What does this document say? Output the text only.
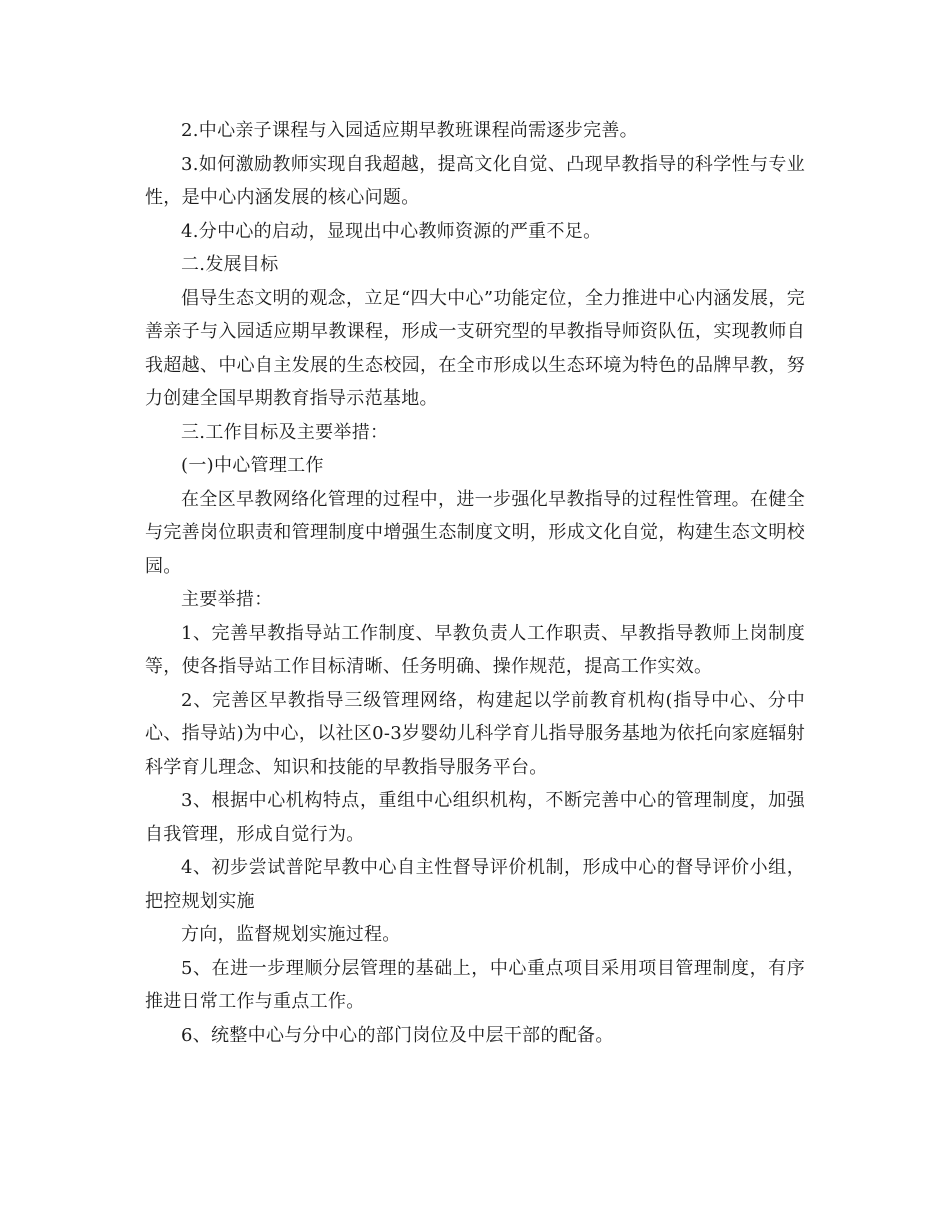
2.中心亲子课程与入园适应期早教班课程尚需逐步完善。

3.如何激励教师实现自我超越，提高文化自觉、凸现早教指导的科学性与专业性，是中心内涵发展的核心问题。

4.分中心的启动，显现出中心教师资源的严重不足。

二.发展目标

倡导生态文明的观念，立足“四大中心”功能定位，全力推进中心内涵发展，完善亲子与入园适应期早教课程，形成一支研究型的早教指导师资队伍，实现教师自我超越、中心自主发展的生态校园，在全市形成以生态环境为特色的品牌早教，努力创建全国早期教育指导示范基地。

三.工作目标及主要举措：

(一)中心管理工作

在全区早教网络化管理的过程中，进一步强化早教指导的过程性管理。在健全与完善岗位职责和管理制度中增强生态制度文明，形成文化自觉，构建生态文明校园。

主要举措：

1、完善早教指导站工作制度、早教负责人工作职责、早教指导教师上岗制度等，使各指导站工作目标清晰、任务明确、操作规范，提高工作实效。

2、完善区早教指导三级管理网络，构建起以学前教育机构(指导中心、分中心、指导站)为中心，以社区0-3岁婴幼儿科学育儿指导服务基地为依托向家庭辐射科学育儿理念、知识和技能的早教指导服务平台。

3、根据中心机构特点，重组中心组织机构，不断完善中心的管理制度，加强自我管理，形成自觉行为。

4、初步尝试普陀早教中心自主性督导评价机制，形成中心的督导评价小组，把控规划实施

方向，监督规划实施过程。

5、在进一步理顺分层管理的基础上，中心重点项目采用项目管理制度，有序推进日常工作与重点工作。

6、统整中心与分中心的部门岗位及中层干部的配备。
